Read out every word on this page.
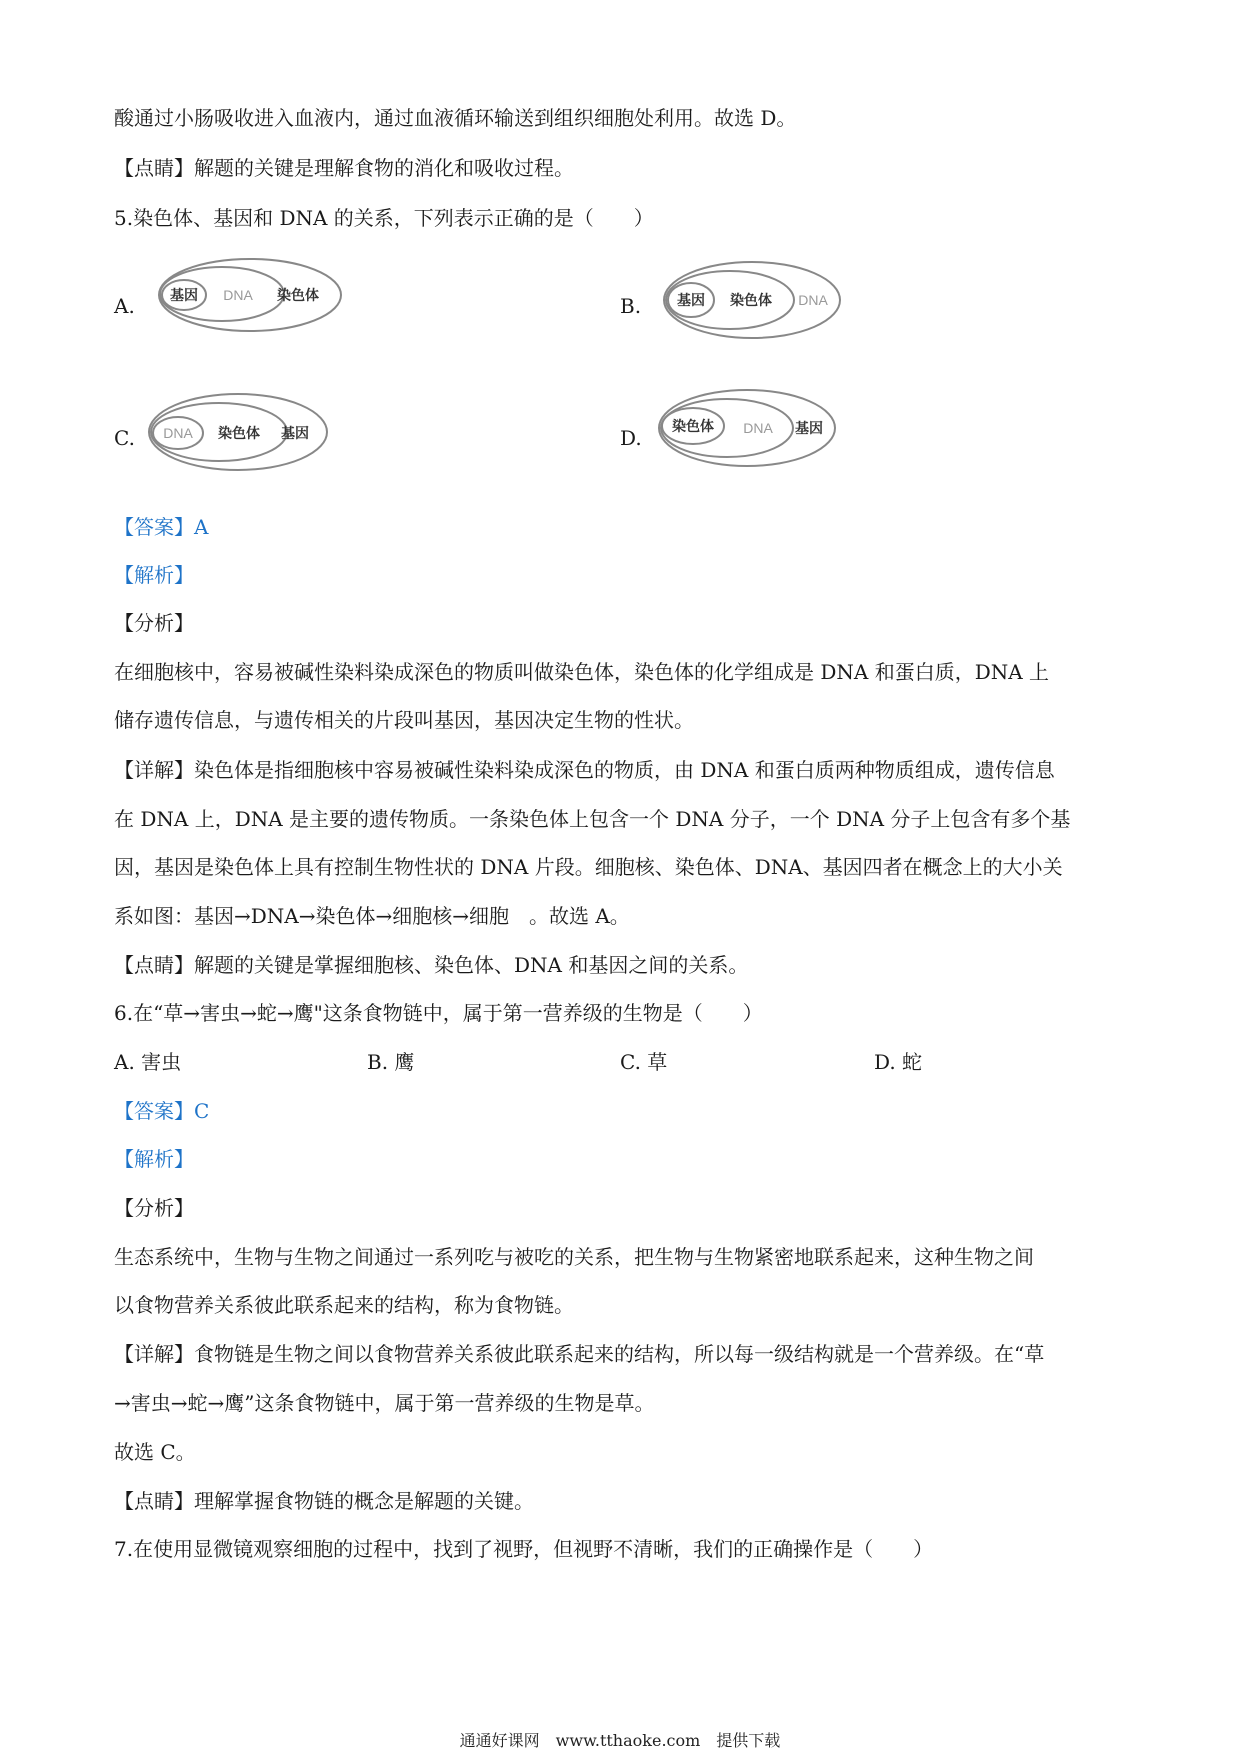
酸通过小肠吸收进入血液内，通过血液循环输送到组织细胞处利用。故选 D。
【点睛】解题的关键是理解食物的消化和吸收过程。
5.染色体、基因和 DNA 的关系，下列表示正确的是（　　）
A.	基因 DNA 染色体	B.	基因 染色体 DNA
C. DNA 染色体 基因	D. 染色体 DNA 基因
【答案】A
【解析】
【分析】
在细胞核中，容易被碱性染料染成深色的物质叫做染色体，染色体的化学组成是 DNA 和蛋白质，DNA 上
储存遗传信息，与遗传相关的片段叫基因，基因决定生物的性状。
【详解】染色体是指细胞核中容易被碱性染料染成深色的物质，由 DNA 和蛋白质两种物质组成，遗传信息
在 DNA 上，DNA 是主要的遗传物质。一条染色体上包含一个 DNA 分子，一个 DNA 分子上包含有多个基
因，基因是染色体上具有控制生物性状的 DNA 片段。细胞核、染色体、DNA、基因四者在概念上的大小关
系如图：基因→DNA→染色体→细胞核→细胞　。故选 A。
【点睛】解题的关键是掌握细胞核、染色体、DNA 和基因之间的关系。
6.在“草→害虫→蛇→鹰"这条食物链中，属于第一营养级的生物是（　　）
A. 害虫	B. 鹰	C. 草	D. 蛇
【答案】C
【解析】
【分析】
生态系统中，生物与生物之间通过一系列吃与被吃的关系，把生物与生物紧密地联系起来，这种生物之间
以食物营养关系彼此联系起来的结构，称为食物链。
【详解】食物链是生物之间以食物营养关系彼此联系起来的结构，所以每一级结构就是一个营养级。在“草
→害虫→蛇→鹰”这条食物链中，属于第一营养级的生物是草。
故选 C。
【点睛】理解掌握食物链的概念是解题的关键。
7.在使用显微镜观察细胞的过程中，找到了视野，但视野不清晰，我们的正确操作是（　　）
通通好课网　www.tthaoke.com　提供下载
